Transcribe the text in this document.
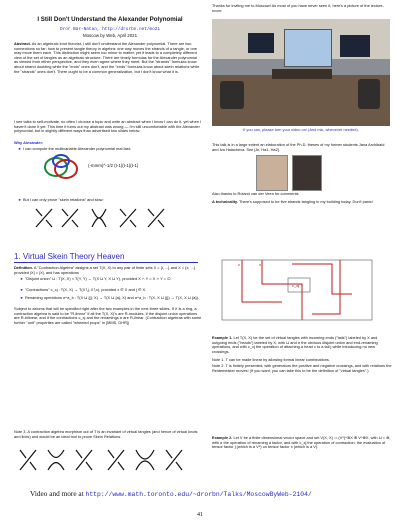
I Still Don't Understand the Alexander Polynomial
Dror Bar-Natan, http://drorbn.net/mo21
Moscow by Web, April 2021
Abstract. As an algebraic knot theorist, I still don't understand the Alexander polynomial. There are two connections so far: how to present tangle theory in algebra: one way moves the strands of a tangle, or one may move them each. This distinction might seem too minor to matter, yet it leads to a completely different view of the set of tangles as an algebraic structure. There are timely formulas for the Alexander polynomial as viewed from either perspective, and they even agree where they meet. But the "strands" formulas know about strand doubling while the "ends" ones don't, and the "ends" formulas know about skein relations while the "strands" ones don't. There ought to be a common generalization, but I don't know what it is.
I see talks to self-motivate, so often I choose a topic and write an abstract when I know I can do it, yet when I haven't done it yet. This time it turns out my abstract was wrong — I'm still uncomfortable with the Alexander polynomial, but in slightly different ways than advertised two slides below.
Why Alexander:
► I can compute the multivariable Alexander polynomial real fast:
(-mmm)^-1/2 (t-1)(t-1)(t-1)
► But I can only prove "skein relations" and slow:
1. Virtual Skein Theory Heaven
Definition. A "Contraction Algebra" assigns a set T(X, X) to any pair of finite sets X = {i, ...} and X = {x, ...} provided |X| = |X|, and has operations
► "Disjoint union" ⊔ : T(X, X) × T(Y, Y) → T(X ⊔ Y, X ⊔ Y), provided X ∩ Y = X ∩ Y = ∅.
► "Contractions" c_xj : T(X, X) → T(X∖j, X∖x), provided x ∈ X and j ∈ X.
► Renaming operations σ^a_b : T(X ⊔ {j}, X) → T(X ⊔ {a}, X) and σ^a_b : T(X, X ⊔ {j}) → T(X, X ⊔ {a}).
Subject to axioms that will be specified right after the two examples in the next three slides. If X is a ring, a contraction algebra is said to be "R-linear" if all the T(X, X)'s are R-modules, if the disjoint union operations are R-bilinear, and if the contractions c_xj and the renamings σ are R-linear. (Contraction algebras with some further "unit" properties are called "wheeled props" in [MMS, DHR])
Note 3. A contraction algebra morphism out of T is an invariant of virtual tangles (and hence of virtual knots and links) and would be an ideal tool to prove Skein Relations.
Thanks for inviting me to Moscow! As most of you have never seen it, here's a picture of the lecture-room:
If you can, please turn your video on! (And mic, whenever needed).
This talk is in a large extent an elaboration of the Ph.D. theses of my former students Jana Archibald and Iva Halacheva. See [Ar, Ha1, Ha2].
Also thanks to Roland van der Veen for comments.
A technicality. There's supposed to be five strands tangling in my building today. Don't panic!
x	x
c_xj
Example 1. Let T(X, X) be the set of virtual tangles with incoming ends ("tails") labeled by X and outgoing ends ("heads") labeled by X, with ⊔ and σ the obvious disjoint union and end-renaming operations, and with c_xj the operation of attaching a head x to a tail j while introducing no new crossings.
Note 1. T can be made linear by allowing formal linear combinations.
Note 2. T is finitely presented, with generators the positive and negative crossings, and with relations the Reidemeister moves! (If you want, you can take this to be the definition of "virtual tangles".)
Example 2. Let V be a finite dimensional vector space and set V(X, X) := (V*)^⊗X ⊗ V^⊗X, with ⊔ = ⊗, with σ the operation of renaming a factor, and with c_xj the operation of contraction: the evaluation of tensor factor j (which is a V*) on tensor factor x (which is a V).
Video and more at http://www.math.toronto.edu/~drorbn/Talks/MoscowByWeb-2104/
41
